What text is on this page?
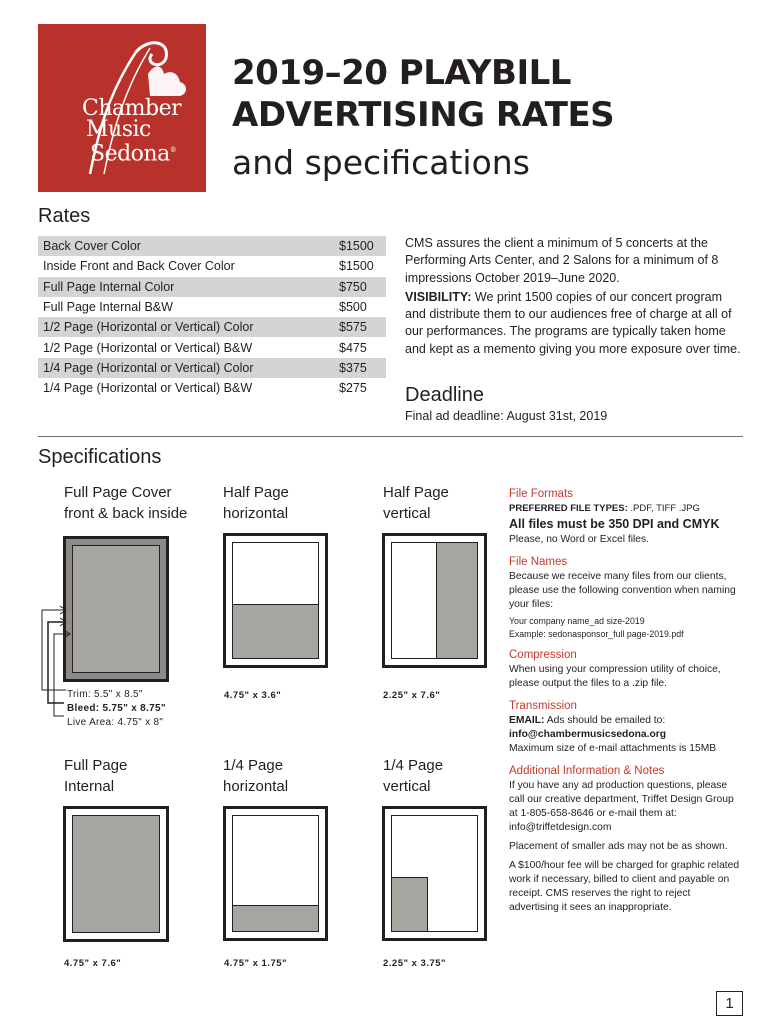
Chamber
Music
Sedona®
2019–20 PLAYBILL
ADVERTISING RATES
and specifications
Rates
Back Cover Color	$1500
Inside Front and Back Cover Color	$1500
Full Page Internal Color	$750
Full Page Internal B&W	$500
1/2 Page (Horizontal or Vertical) Color	$575
1/2 Page (Horizontal or Vertical) B&W	$475
1/4 Page (Horizontal or Vertical) Color	$375
1/4 Page (Horizontal or Vertical) B&W	$275
CMS assures the client a minimum of 5 concerts at the Performing Arts Center, and 2 Salons for a minimum of 8 impressions October 2019–June 2020.
VISIBILITY: We print 1500 copies of our concert program and distribute them to our audiences free of charge at all of our performances. The programs are typically taken home and kept as a memento giving you more exposure over time.
Deadline
Final ad deadline: August 31st, 2019
Specifications
Full Page Cover
front & back inside
Half Page
horizontal
Half Page
vertical
Trim: 5.5" x 8.5"
Bleed: 5.75" x 8.75"
Live Area: 4.75" x 8"
4.75" x 3.6"	2.25" x 7.6"
Full Page
Internal
1/4 Page
horizontal
1/4 Page
vertical
4.75" x 7.6"	4.75" x 1.75"	2.25" x 3.75"
File Formats
PREFERRED FILE TYPES: .PDF, TIFF .JPG
All files must be 350 DPI and CMYK
Please, no Word or Excel files.
File Names
Because we receive many files from our clients, please use the following convention when naming your files:
Your company name_ad size-2019
Example: sedonasponsor_full page-2019.pdf
Compression
When using your compression utility of choice, please output the files to a .zip file.
Transmission
EMAIL: Ads should be emailed to:
info@chambermusicsedona.org
Maximum size of e-mail attachments is 15MB
Additional Information & Notes
If you have any ad production questions, please call our creative department, Triffet Design Group at 1-805-658-8646 or e-mail them at: info@triffetdesign.com
Placement of smaller ads may not be as shown.
A $100/hour fee will be charged for graphic related work if necessary, billed to client and payable on receipt. CMS reserves the right to reject advertising it sees an inappropriate.
1
